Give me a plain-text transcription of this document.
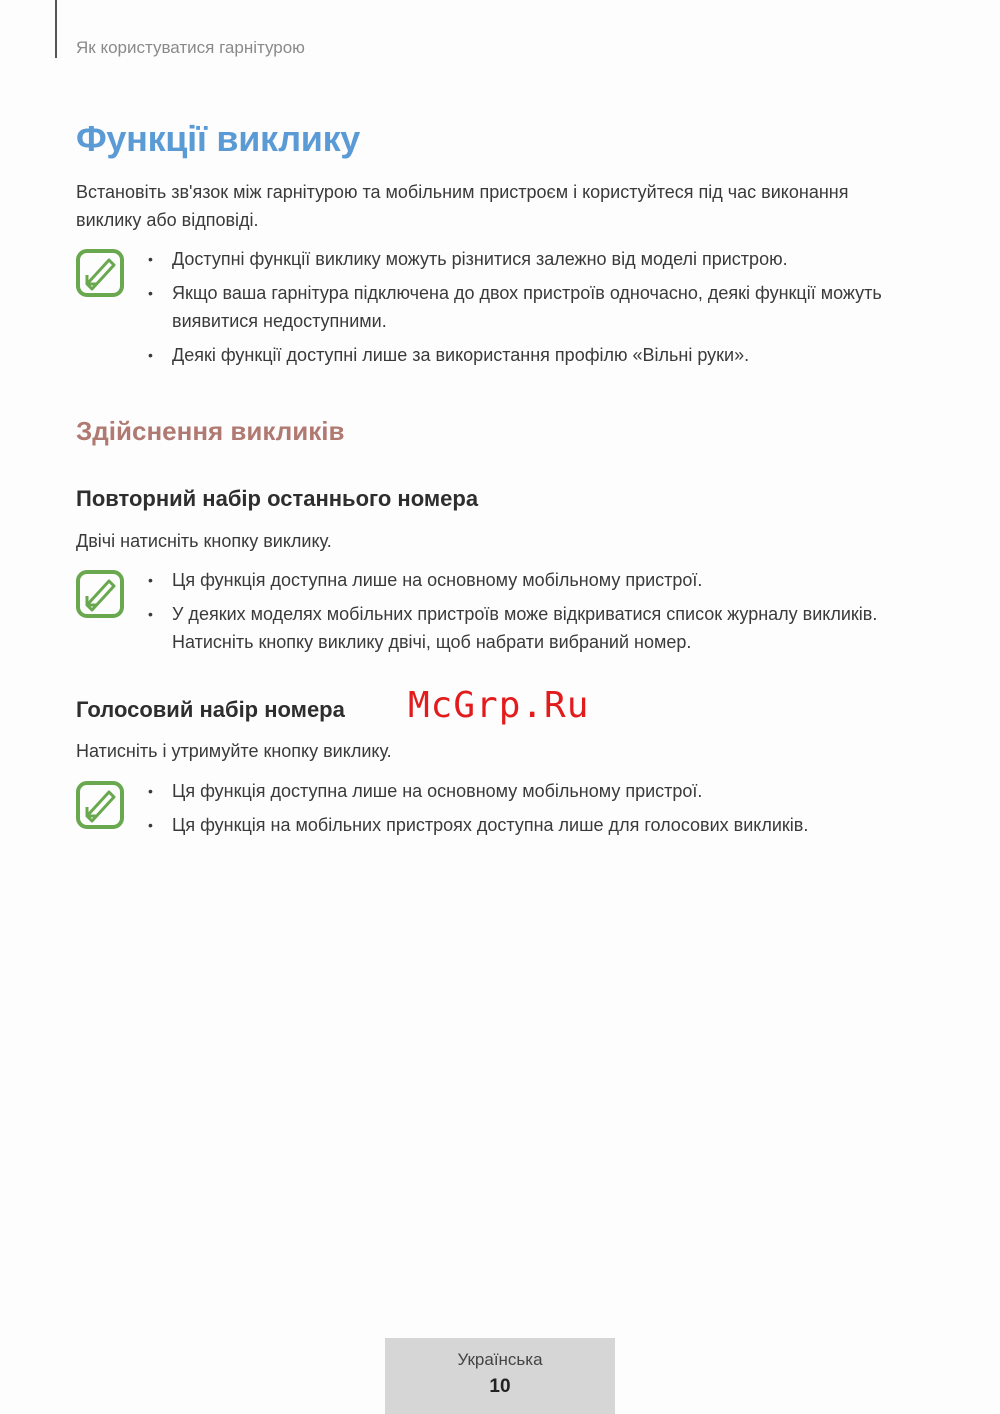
Як користуватися гарнітурою
Функції виклику

Встановіть зв'язок між гарнітурою та мобільним пристроєм і користуйтеся під час виконання виклику або відповіді.

• Доступні функції виклику можуть різнитися залежно від моделі пристрою.
• Якщо ваша гарнітура підключена до двох пристроїв одночасно, деякі функції можуть виявитися недоступними.
• Деякі функції доступні лише за використання профілю «Вільні руки».
Здійснення викликів
Повторний набір останнього номера

Двічі натисніть кнопку виклику.

• Ця функція доступна лише на основному мобільному пристрої.
• У деяких моделях мобільних пристроїв може відкриватися список журналу викликів. Натисніть кнопку виклику двічі, щоб набрати вибраний номер.
Голосовий набір номера McGrp.Ru

Натисніть і утримуйте кнопку виклику.

• Ця функція доступна лише на основному мобільному пристрої.
• Ця функція на мобільних пристроях доступна лише для голосових викликів.
Українська
10
